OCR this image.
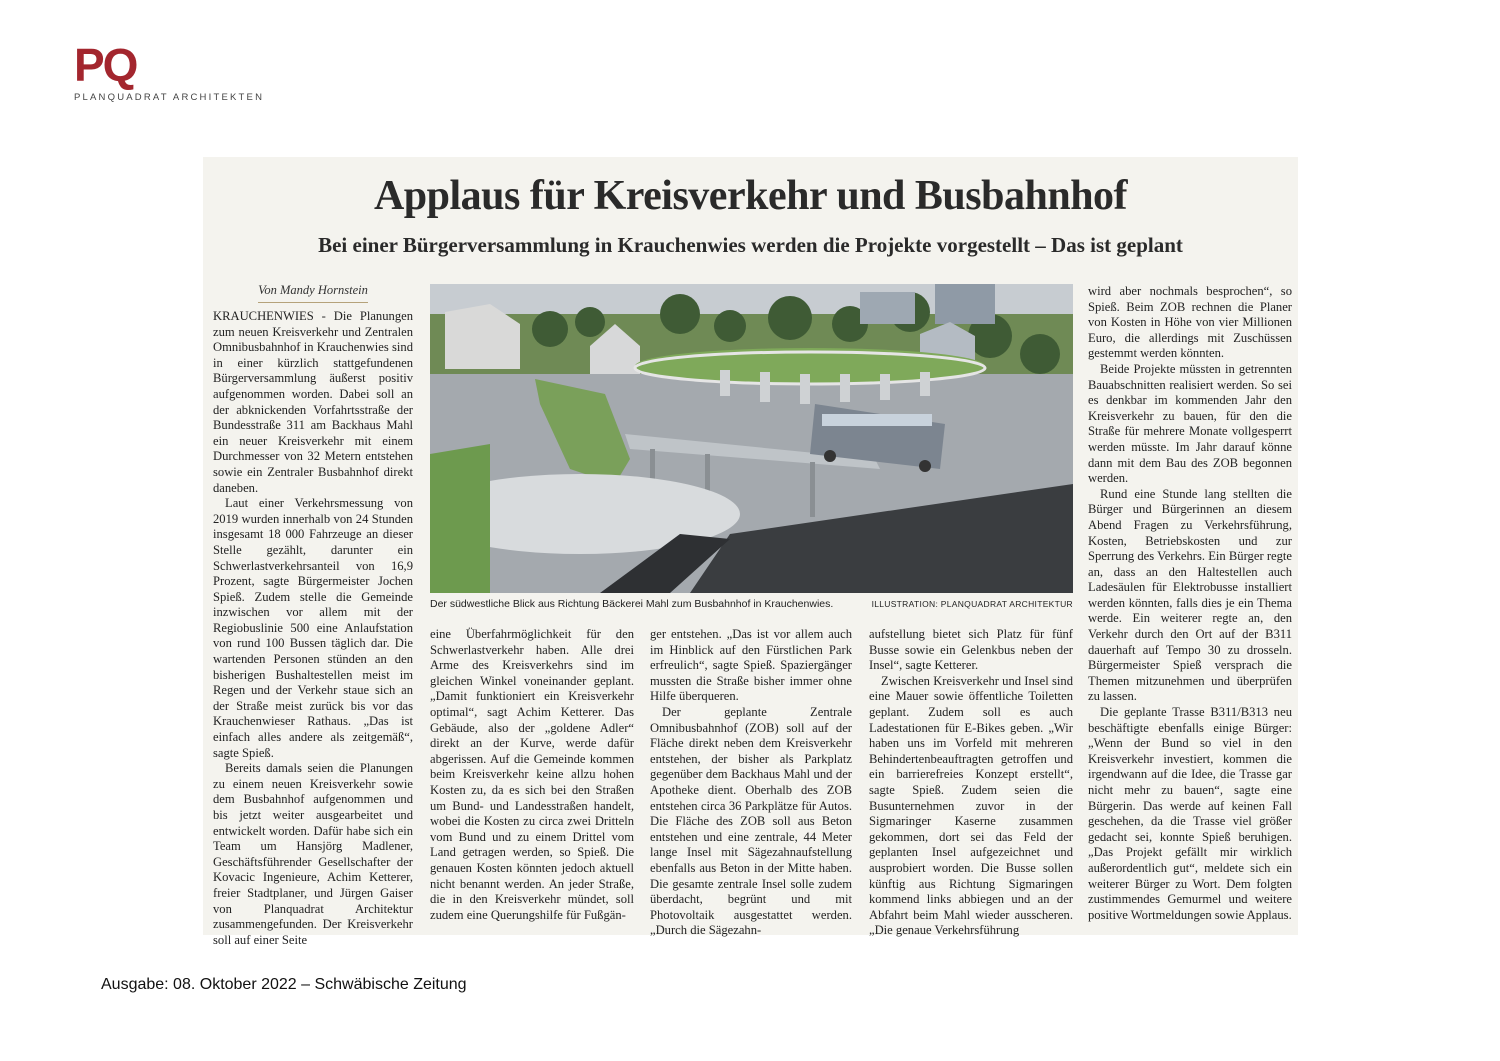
PQ
PLANQUADRAT ARCHITEKTEN
Applaus für Kreisverkehr und Busbahnhof
Bei einer Bürgerversammlung in Krauchenwies werden die Projekte vorgestellt – Das ist geplant
Von Mandy Hornstein

KRAUCHENWIES - Die Planungen zum neuen Kreisverkehr und Zentralen Omnibusbahnhof in Krauchenwies sind in einer kürzlich stattgefundenen Bürgerversammlung äußerst positiv aufgenommen worden. Dabei soll an der abknickenden Vorfahrtsstraße der Bundesstraße 311 am Backhaus Mahl ein neuer Kreisverkehr mit einem Durchmesser von 32 Metern entstehen sowie ein Zentraler Busbahnhof direkt daneben.

Laut einer Verkehrsmessung von 2019 wurden innerhalb von 24 Stunden insgesamt 18 000 Fahrzeuge an dieser Stelle gezählt, darunter ein Schwerlastverkehrsanteil von 16,9 Prozent, sagte Bürgermeister Jochen Spieß. Zudem stelle die Gemeinde inzwischen vor allem mit der Regiobuslinie 500 eine Anlaufstation von rund 100 Bussen täglich dar. Die wartenden Personen stünden an den bisherigen Bushaltestellen meist im Regen und der Verkehr staue sich an der Straße meist zurück bis vor das Krauchenwieser Rathaus. „Das ist einfach alles andere als zeitgemäß“, sagte Spieß.

Bereits damals seien die Planungen zu einem neuen Kreisverkehr sowie dem Busbahnhof aufgenommen und bis jetzt weiter ausgearbeitet und entwickelt worden. Dafür habe sich ein Team um Hansjörg Madlener, Geschäftsführender Gesellschafter der Kovacic Ingenieure, Achim Ketterer, freier Stadtplaner, und Jürgen Gaiser von Planquadrat Architektur zusammengefunden. Der Kreisverkehr soll auf einer Seite

Der südwestliche Blick aus Richtung Bäckerei Mahl zum Busbahnhof in Krauchenwies.	ILLUSTRATION: PLANQUADRAT ARCHITEKTUR

eine Überfahrmöglichkeit für den Schwerlastverkehr haben. Alle drei Arme des Kreisverkehrs sind im gleichen Winkel voneinander geplant. „Damit funktioniert ein Kreisverkehr optimal“, sagt Achim Ketterer. Das Gebäude, also der „goldene Adler“ direkt an der Kurve, werde dafür abgerissen. Auf die Gemeinde kommen beim Kreisverkehr keine allzu hohen Kosten zu, da es sich bei den Straßen um Bund- und Landesstraßen handelt, wobei die Kosten zu circa zwei Dritteln vom Bund und zu einem Drittel vom Land getragen werden, so Spieß. Die genauen Kosten könnten jedoch aktuell nicht benannt werden. An jeder Straße, die in den Kreisverkehr mündet, soll zudem eine Querungshilfe für Fußgän-

ger entstehen. „Das ist vor allem auch im Hinblick auf den Fürstlichen Park erfreulich“, sagte Spieß. Spaziergänger mussten die Straße bisher immer ohne Hilfe überqueren.

Der geplante Zentrale Omnibusbahnhof (ZOB) soll auf der Fläche direkt neben dem Kreisverkehr entstehen, der bisher als Parkplatz gegenüber dem Backhaus Mahl und der Apotheke dient. Oberhalb des ZOB entstehen circa 36 Parkplätze für Autos. Die Fläche des ZOB soll aus Beton entstehen und eine zentrale, 44 Meter lange Insel mit Sägezahnaufstellung ebenfalls aus Beton in der Mitte haben. Die gesamte zentrale Insel solle zudem überdacht, begrünt und mit Photovoltaik ausgestattet werden. „Durch die Sägezahn-

aufstellung bietet sich Platz für fünf Busse sowie ein Gelenkbus neben der Insel“, sagte Ketterer.

Zwischen Kreisverkehr und Insel sind eine Mauer sowie öffentliche Toiletten geplant. Zudem soll es auch Ladestationen für E-Bikes geben. „Wir haben uns im Vorfeld mit mehreren Behindertenbeauftragten getroffen und ein barrierefreies Konzept erstellt“, sagte Spieß. Zudem seien die Busunternehmen zuvor in der Sigmaringer Kaserne zusammen gekommen, dort sei das Feld der geplanten Insel aufgezeichnet und ausprobiert worden. Die Busse sollen künftig aus Richtung Sigmaringen kommend links abbiegen und an der Abfahrt beim Mahl wieder ausscheren. „Die genaue Verkehrsführung

wird aber nochmals besprochen“, so Spieß. Beim ZOB rechnen die Planer von Kosten in Höhe von vier Millionen Euro, die allerdings mit Zuschüssen gestemmt werden könnten.

Beide Projekte müssten in getrennten Bauabschnitten realisiert werden. So sei es denkbar im kommenden Jahr den Kreisverkehr zu bauen, für den die Straße für mehrere Monate vollgesperrt werden müsste. Im Jahr darauf könne dann mit dem Bau des ZOB begonnen werden.

Rund eine Stunde lang stellten die Bürger und Bürgerinnen an diesem Abend Fragen zu Verkehrsführung, Kosten, Betriebskosten und zur Sperrung des Verkehrs. Ein Bürger regte an, dass an den Haltestellen auch Ladesäulen für Elektrobusse installiert werden könnten, falls dies je ein Thema werde. Ein weiterer regte an, den Verkehr durch den Ort auf der B311 dauerhaft auf Tempo 30 zu drosseln. Bürgermeister Spieß versprach die Themen mitzunehmen und überprüfen zu lassen.

Die geplante Trasse B311/B313 neu beschäftigte ebenfalls einige Bürger: „Wenn der Bund so viel in den Kreisverkehr investiert, kommen die irgendwann auf die Idee, die Trasse gar nicht mehr zu bauen“, sagte eine Bürgerin. Das werde auf keinen Fall geschehen, da die Trasse viel größer gedacht sei, konnte Spieß beruhigen. „Das Projekt gefällt mir wirklich außerordentlich gut“, meldete sich ein weiterer Bürger zu Wort. Dem folgten zustimmendes Gemurmel und weitere positive Wortmeldungen sowie Applaus.

Ausgabe: 08. Oktober 2022 – Schwäbische Zeitung
